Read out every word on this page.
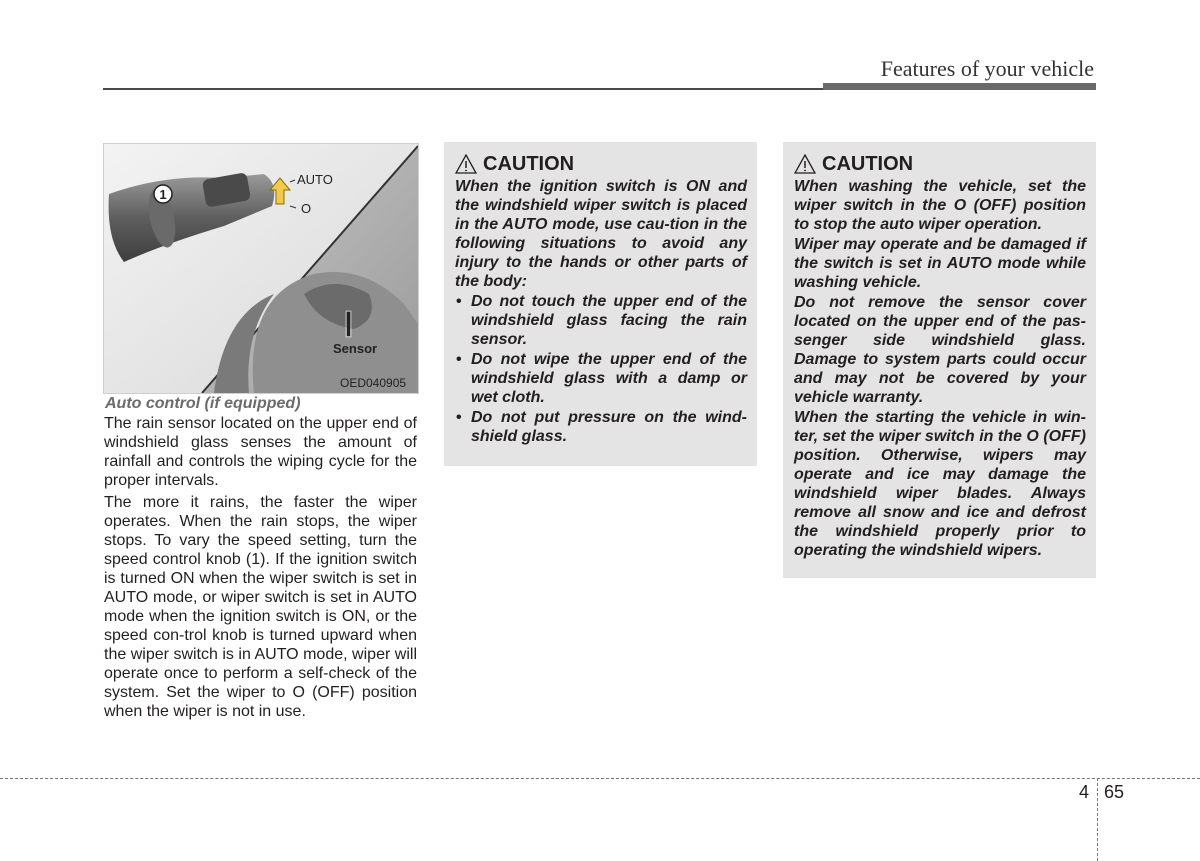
Features of your vehicle
1
AUTO
O
Sensor
OED040905
Auto control (if equipped)

The rain sensor located on the upper end of windshield glass senses the amount of rainfall and controls the wiping cycle for the proper intervals.

The more it rains, the faster the wiper operates. When the rain stops, the wiper stops. To vary the speed setting, turn the speed control knob (1). If the ignition switch is turned ON when the wiper switch is set in AUTO mode, or wiper switch is set in AUTO mode when the ignition switch is ON, or the speed con-trol knob is turned upward when the wiper switch is in AUTO mode, wiper will operate once to perform a self-check of the system. Set the wiper to O (OFF) position when the wiper is not in use.

CAUTION

When the ignition switch is ON and the windshield wiper switch is placed in the AUTO mode, use cau-tion in the following situations to avoid any injury to the hands or other parts of the body:

• Do not touch the upper end of the windshield glass facing the rain sensor.
• Do not wipe the upper end of the windshield glass with a damp or wet cloth.
• Do not put pressure on the wind-shield glass.
CAUTION

When washing the vehicle, set the wiper switch in the O (OFF) position to stop the auto wiper operation.

Wiper may operate and be damaged if the switch is set in AUTO mode while washing vehicle.

Do not remove the sensor cover located on the upper end of the pas-senger side windshield glass. Damage to system parts could occur and may not be covered by your vehicle warranty.

When the starting the vehicle in win-ter, set the wiper switch in the O (OFF) position. Otherwise, wipers may operate and ice may damage the windshield wiper blades. Always remove all snow and ice and defrost the windshield properly prior to operating the windshield wipers.

4 65
